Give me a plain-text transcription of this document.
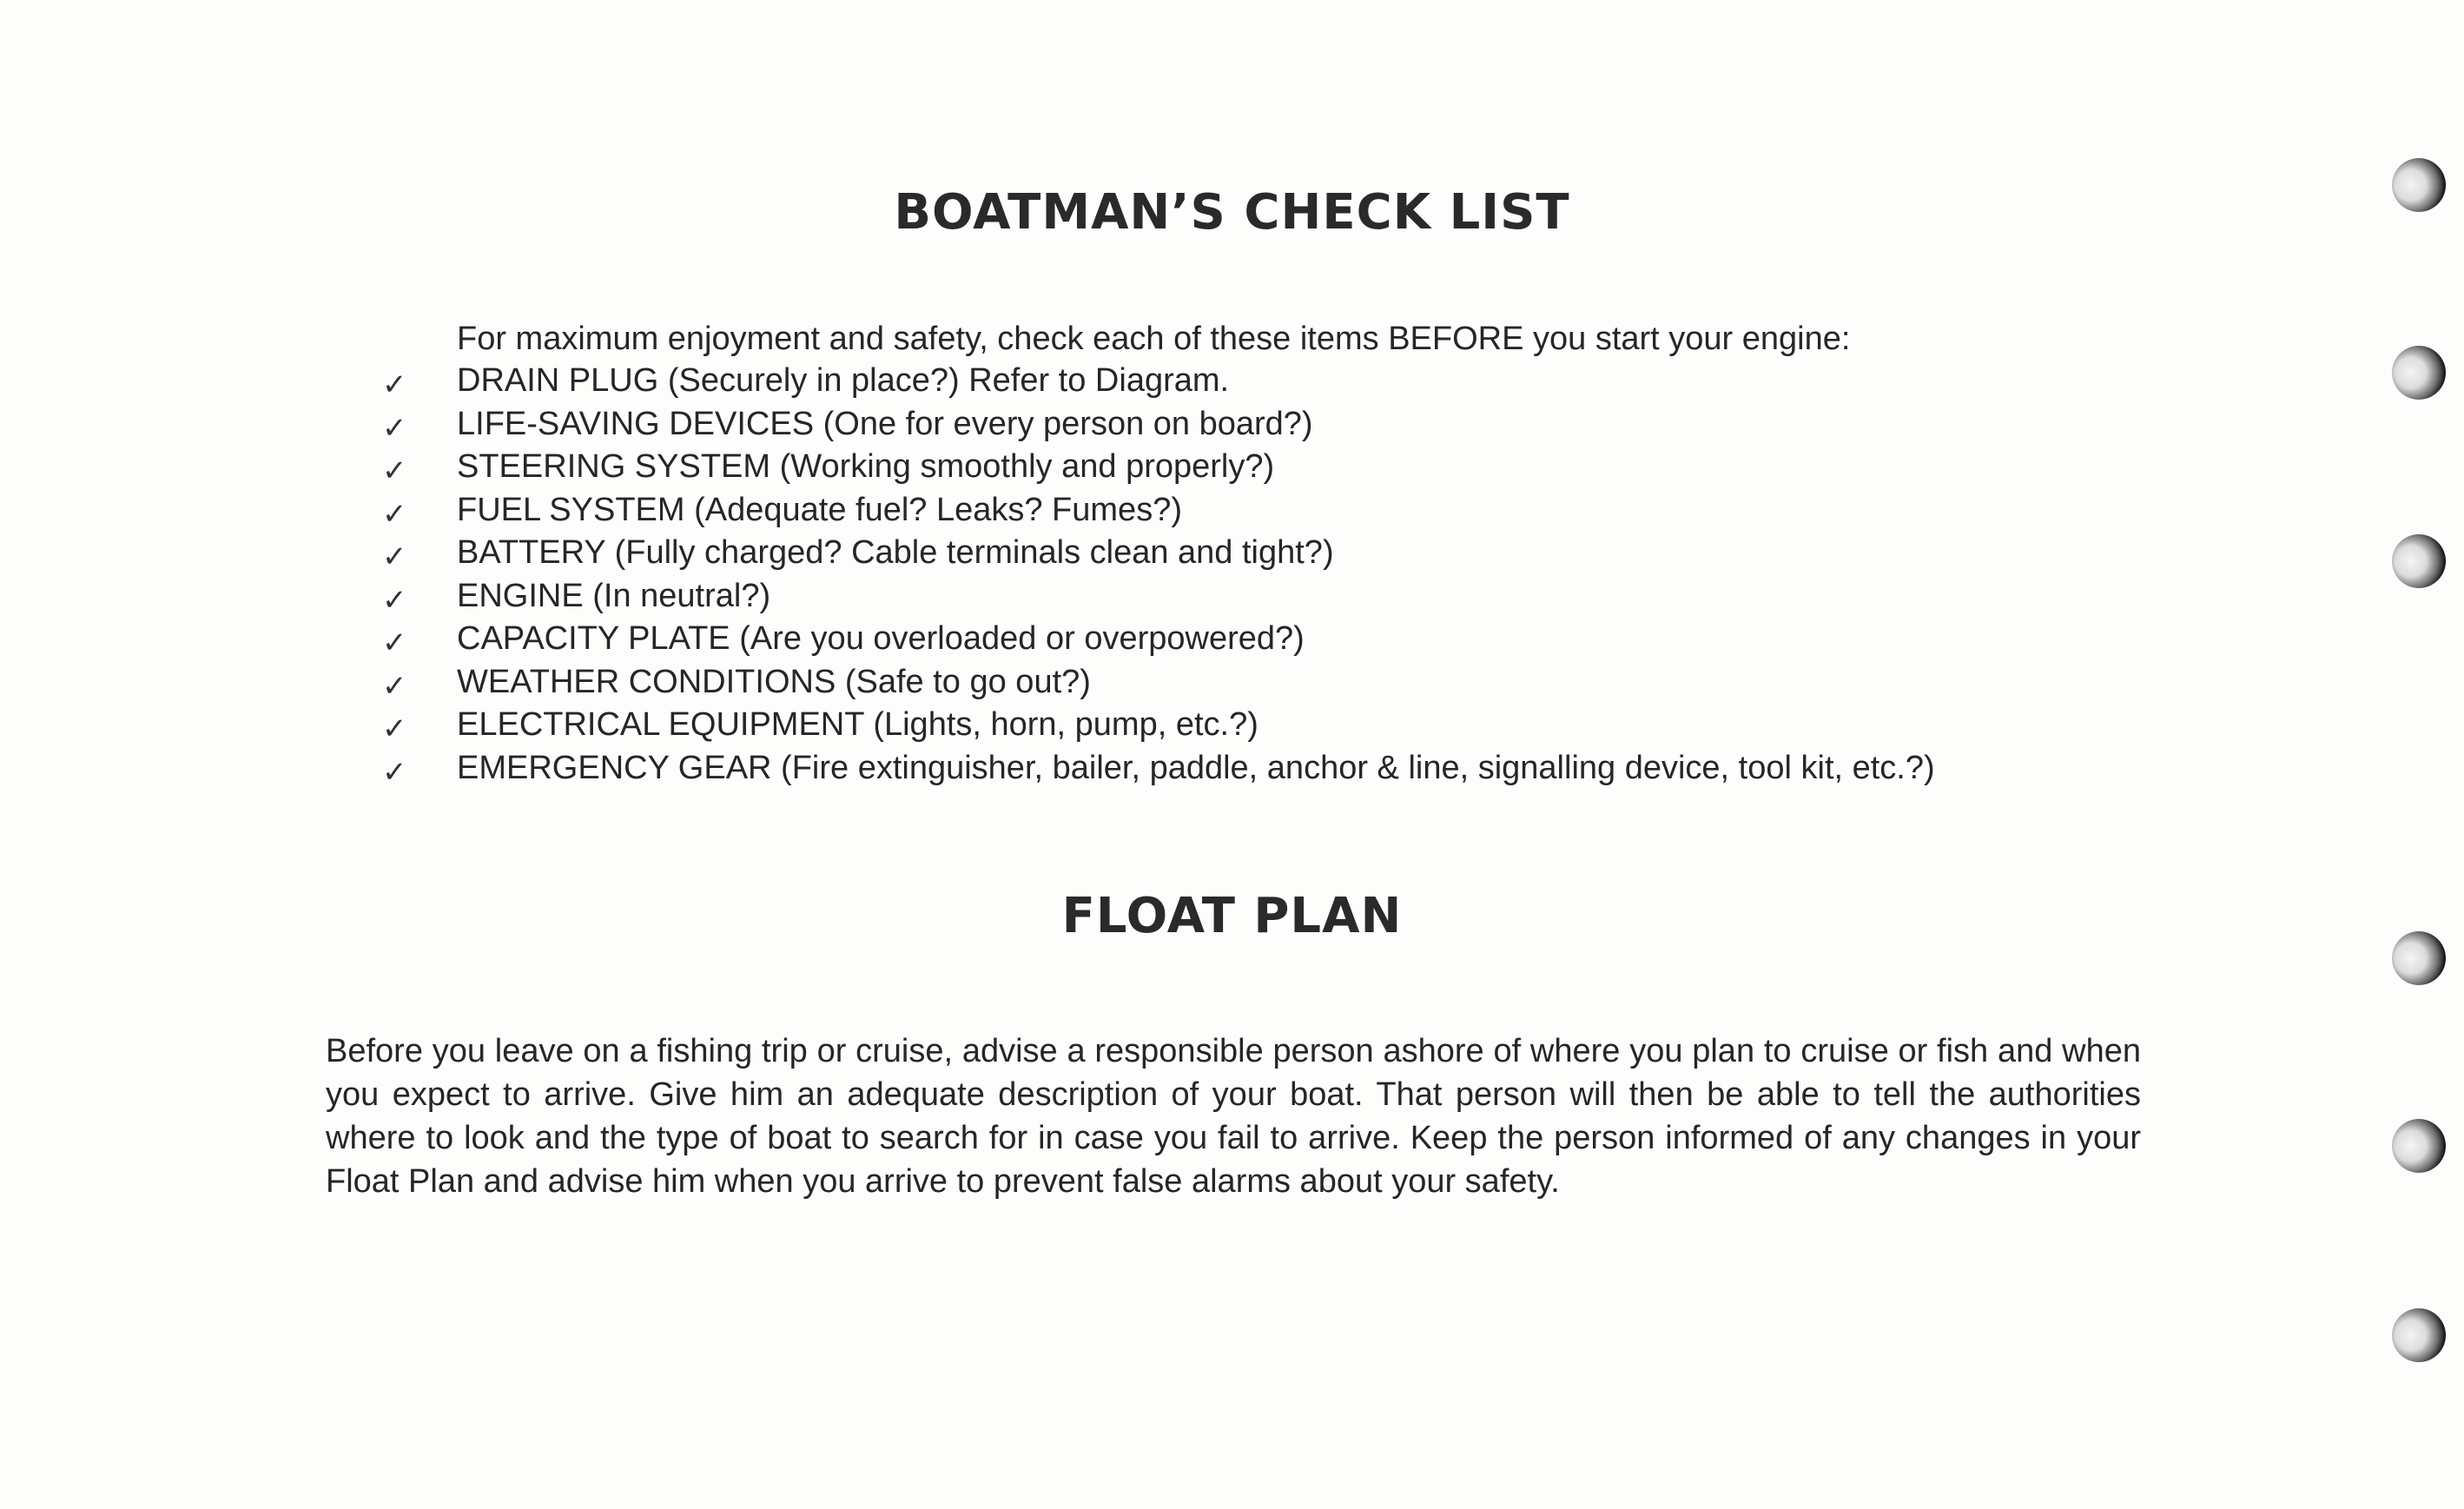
BOATMAN’S CHECK LIST
For maximum enjoyment and safety, check each of these items BEFORE you start your engine:
✓ DRAIN PLUG (Securely in place?) Refer to Diagram.
✓ LIFE-SAVING DEVICES (One for every person on board?)
✓ STEERING SYSTEM (Working smoothly and properly?)
✓ FUEL SYSTEM (Adequate fuel? Leaks? Fumes?)
✓ BATTERY (Fully charged? Cable terminals clean and tight?)
✓ ENGINE (In neutral?)
✓ CAPACITY PLATE (Are you overloaded or overpowered?)
✓ WEATHER CONDITIONS (Safe to go out?)
✓ ELECTRICAL EQUIPMENT (Lights, horn, pump, etc.?)
✓ EMERGENCY GEAR (Fire extinguisher, bailer, paddle, anchor & line, signalling device, tool kit, etc.?)
FLOAT PLAN

Before you leave on a fishing trip or cruise, advise a responsible person ashore of where you plan to cruise or fish and when you expect to arrive. Give him an adequate description of your boat. That person will then be able to tell the authorities where to look and the type of boat to search for in case you fail to arrive. Keep the person informed of any changes in your Float Plan and advise him when you arrive to prevent false alarms about your safety.
